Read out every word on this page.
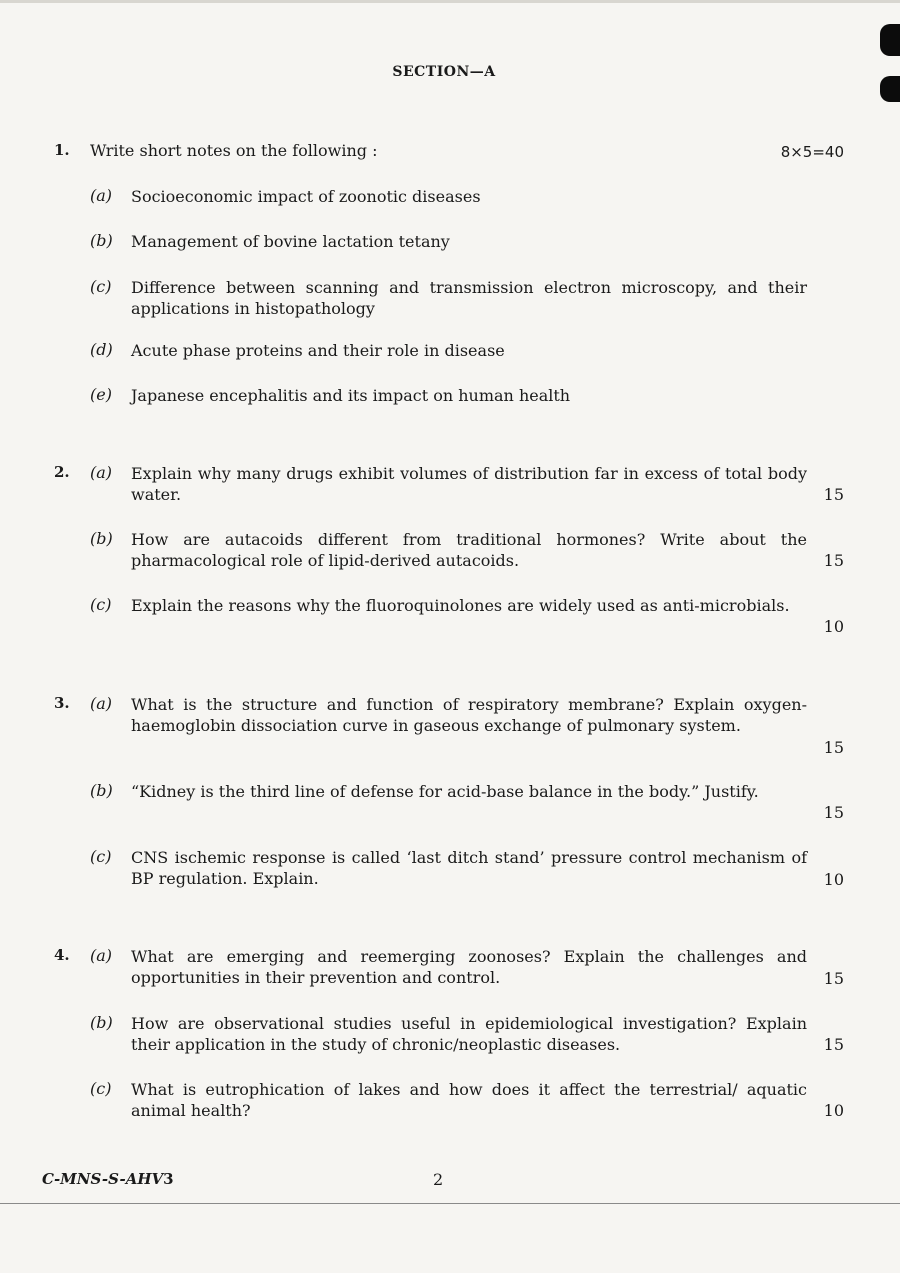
SECTION—A
1. Write short notes on the following :	8×5=40
(a) Socioeconomic impact of zoonotic diseases
(b) Management of bovine lactation tetany
(c) Difference between scanning and transmission electron microscopy, and their applications in histopathology
(d) Acute phase proteins and their role in disease
(e) Japanese encephalitis and its impact on human health
2. (a) Explain why many drugs exhibit volumes of distribution far in excess of total body water.	15
(b) How are autacoids different from traditional hormones? Write about the pharmacological role of lipid-derived autacoids.	15
(c) Explain the reasons why the fluoroquinolones are widely used as anti-microbials.
10
3. (a) What is the structure and function of respiratory membrane? Explain oxygen-haemoglobin dissociation curve in gaseous exchange of pulmonary system.
15
(b) “Kidney is the third line of defense for acid-base balance in the body.” Justify.
15
(c) CNS ischemic response is called ‘last ditch stand’ pressure control mechanism of BP regulation. Explain.	10
4. (a) What are emerging and reemerging zoonoses? Explain the challenges and opportunities in their prevention and control.	15
(b) How are observational studies useful in epidemiological investigation? Explain their application in the study of chronic/neoplastic diseases.	15
(c) What is eutrophication of lakes and how does it affect the terrestrial/ aquatic animal health?	10
C-MNS-S-AHV3	2
